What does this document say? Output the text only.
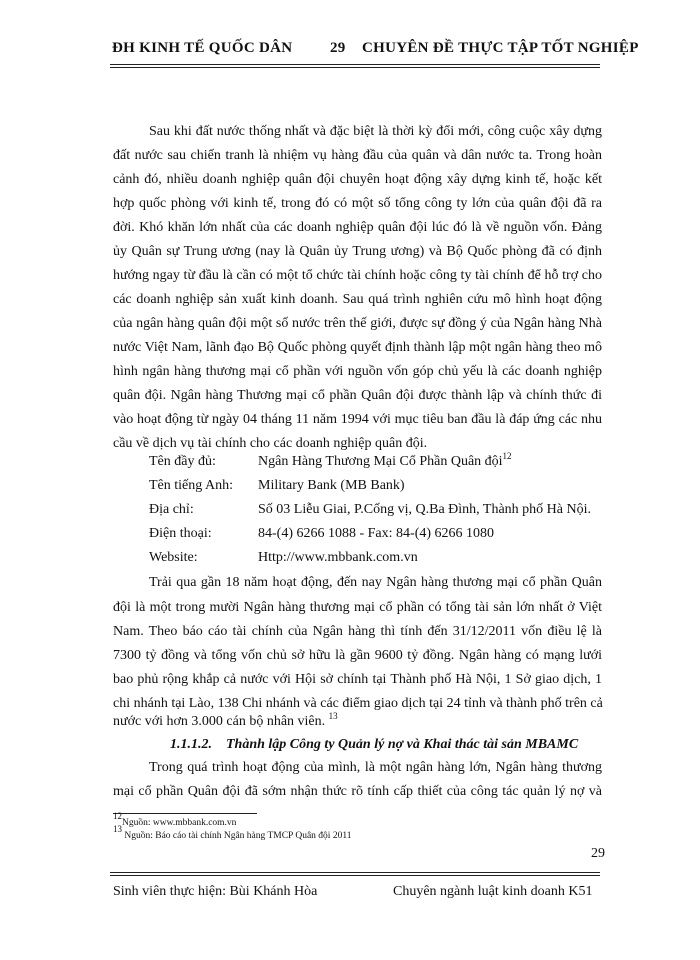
ĐH KINH TẾ QUỐC DÂN	29 CHUYÊN ĐỀ THỰC TẬP TỐT NGHIỆP
Sau khi đất nước thống nhất và đặc biệt là thời kỳ đổi mới, công cuộc xây dựng
đất nước sau chiến tranh là nhiệm vụ hàng đầu của quân và dân nước ta. Trong hoàn
cảnh đó, nhiều doanh nghiệp quân đội chuyên hoạt động xây dựng kinh tế, hoặc kết
hợp quốc phòng với kinh tế, trong đó có một số tổng công ty lớn của quân đội đã ra
đời. Khó khăn lớn nhất của các doanh nghiệp quân đội lúc đó là về nguồn vốn. Đảng
ủy Quân sự Trung ương (nay là Quân ủy Trung ương) và Bộ Quốc phòng đã có định
hướng ngay từ đầu là cần có một tổ chức tài chính hoặc công ty tài chính để hỗ trợ cho
các doanh nghiệp sản xuất kinh doanh. Sau quá trình nghiên cứu mô hình hoạt động
của ngân hàng quân đội một số nước trên thế giới, được sự đồng ý của Ngân hàng Nhà
nước Việt Nam, lãnh đạo Bộ Quốc phòng quyết định thành lập một ngân hàng theo mô
hình ngân hàng thương mại cổ phần với nguồn vốn góp chủ yếu là các doanh nghiệp
quân đội. Ngân hàng Thương mại cổ phần Quân đội được thành lập và chính thức đi
vào hoạt động từ ngày 04 tháng 11 năm 1994 với mục tiêu ban đầu là đáp ứng các nhu
cầu về dịch vụ tài chính cho các doanh nghiệp quân đội.
Tên đầy đủ:	Ngân Hàng Thương Mại Cổ Phần Quân đội$^{12}$
Tên tiếng Anh: Military Bank (MB Bank)
Địa chỉ:	Số 03 Liễu Giai, P.Cống vị, Q.Ba Đình, Thành phố Hà Nội.
Điện thoại:	84-(4) 6266 1088 - Fax: 84-(4) 6266 1080
Website:	Http://www.mbbank.com.vn
Trải qua gần 18 năm hoạt động, đến nay Ngân hàng thương mại cổ phần Quân
đội là một trong mười Ngân hàng thương mại cổ phần có tổng tài sản lớn nhất ở Việt
Nam. Theo báo cáo tài chính của Ngân hàng thì tính đến 31/12/2011 vốn điều lệ là
7300 tỷ đồng và tổng vốn chủ sở hữu là gần 9600 tỷ đồng. Ngân hàng có mạng lưới
bao phủ rộng khắp cả nước với Hội sở chính tại Thành phố Hà Nội, 1 Sở giao dịch, 1
chi nhánh tại Lào, 138 Chi nhánh và các điểm giao dịch tại 24 tỉnh và thành phố trên cả
nước với hơn 3.000 cán bộ nhân viên. $^{13}$
1.1.1.2. Thành lập Công ty Quản lý nợ và Khai thác tài sản MBAMC
Trong quá trình hoạt động của mình, là một ngân hàng lớn, Ngân hàng thương
mại cổ phần Quân đội đã sớm nhận thức rõ tính cấp thiết của công tác quản lý nợ và
$^{12}$Nguồn: www.mbbank.com.vn
$^{13}$ Nguồn: Báo cáo tài chính Ngân hàng TMCP Quân đội 2011
29
Sinh viên thực hiện: Bùi Khánh Hòa	Chuyên ngành luật kinh doanh K51
